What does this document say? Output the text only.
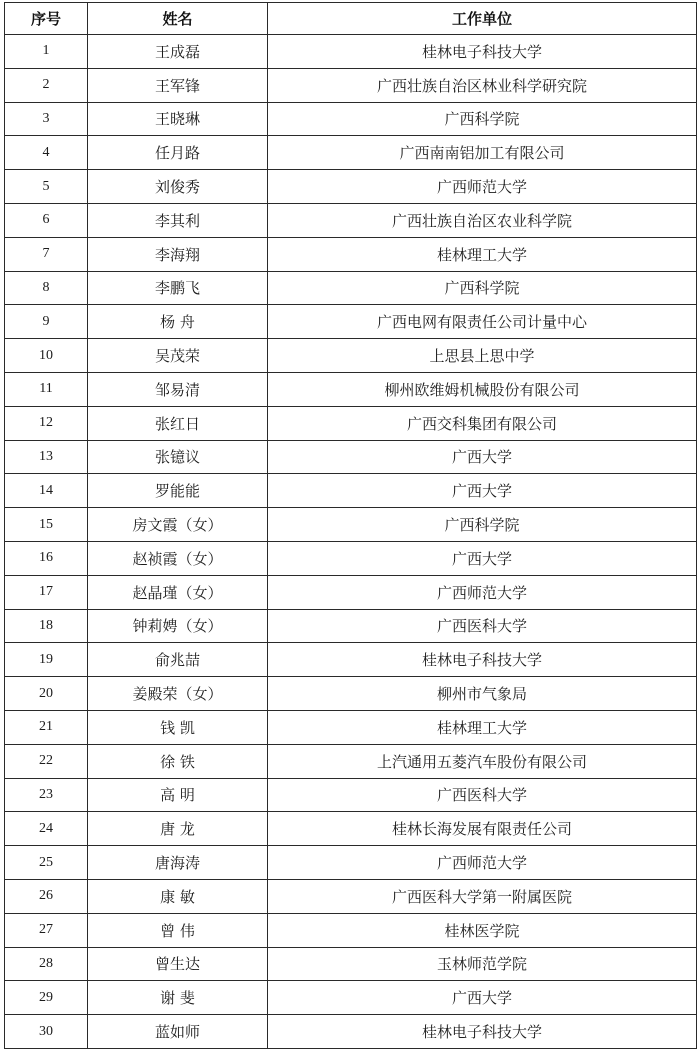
序号	姓名	工作单位
1	王成磊	桂林电子科技大学
2	王军锋	广西壮族自治区林业科学研究院
3	王晓琳	广西科学院
4	任月路	广西南南铝加工有限公司
5	刘俊秀	广西师范大学
6	李其利	广西壮族自治区农业科学院
7	李海翔	桂林理工大学
8	李鹏飞	广西科学院
9	杨 舟	广西电网有限责任公司计量中心
10	吴茂荣	上思县上思中学
11	邹易清	柳州欧维姆机械股份有限公司
12	张红日	广西交科集团有限公司
13	张镱议	广西大学
14	罗能能	广西大学
15	房文霞（女）	广西科学院
16	赵祯霞（女）	广西大学
17	赵晶瑾（女）	广西师范大学
18	钟莉娉（女）	广西医科大学
19	俞兆喆	桂林电子科技大学
20	姜殿荣（女）	柳州市气象局
21	钱 凯	桂林理工大学
22	徐 铁	上汽通用五菱汽车股份有限公司
23	高 明	广西医科大学
24	唐 龙	桂林长海发展有限责任公司
25	唐海涛	广西师范大学
26	康 敏	广西医科大学第一附属医院
27	曾 伟	桂林医学院
28	曾生达	玉林师范学院
29	谢 斐	广西大学
30	蓝如师	桂林电子科技大学
